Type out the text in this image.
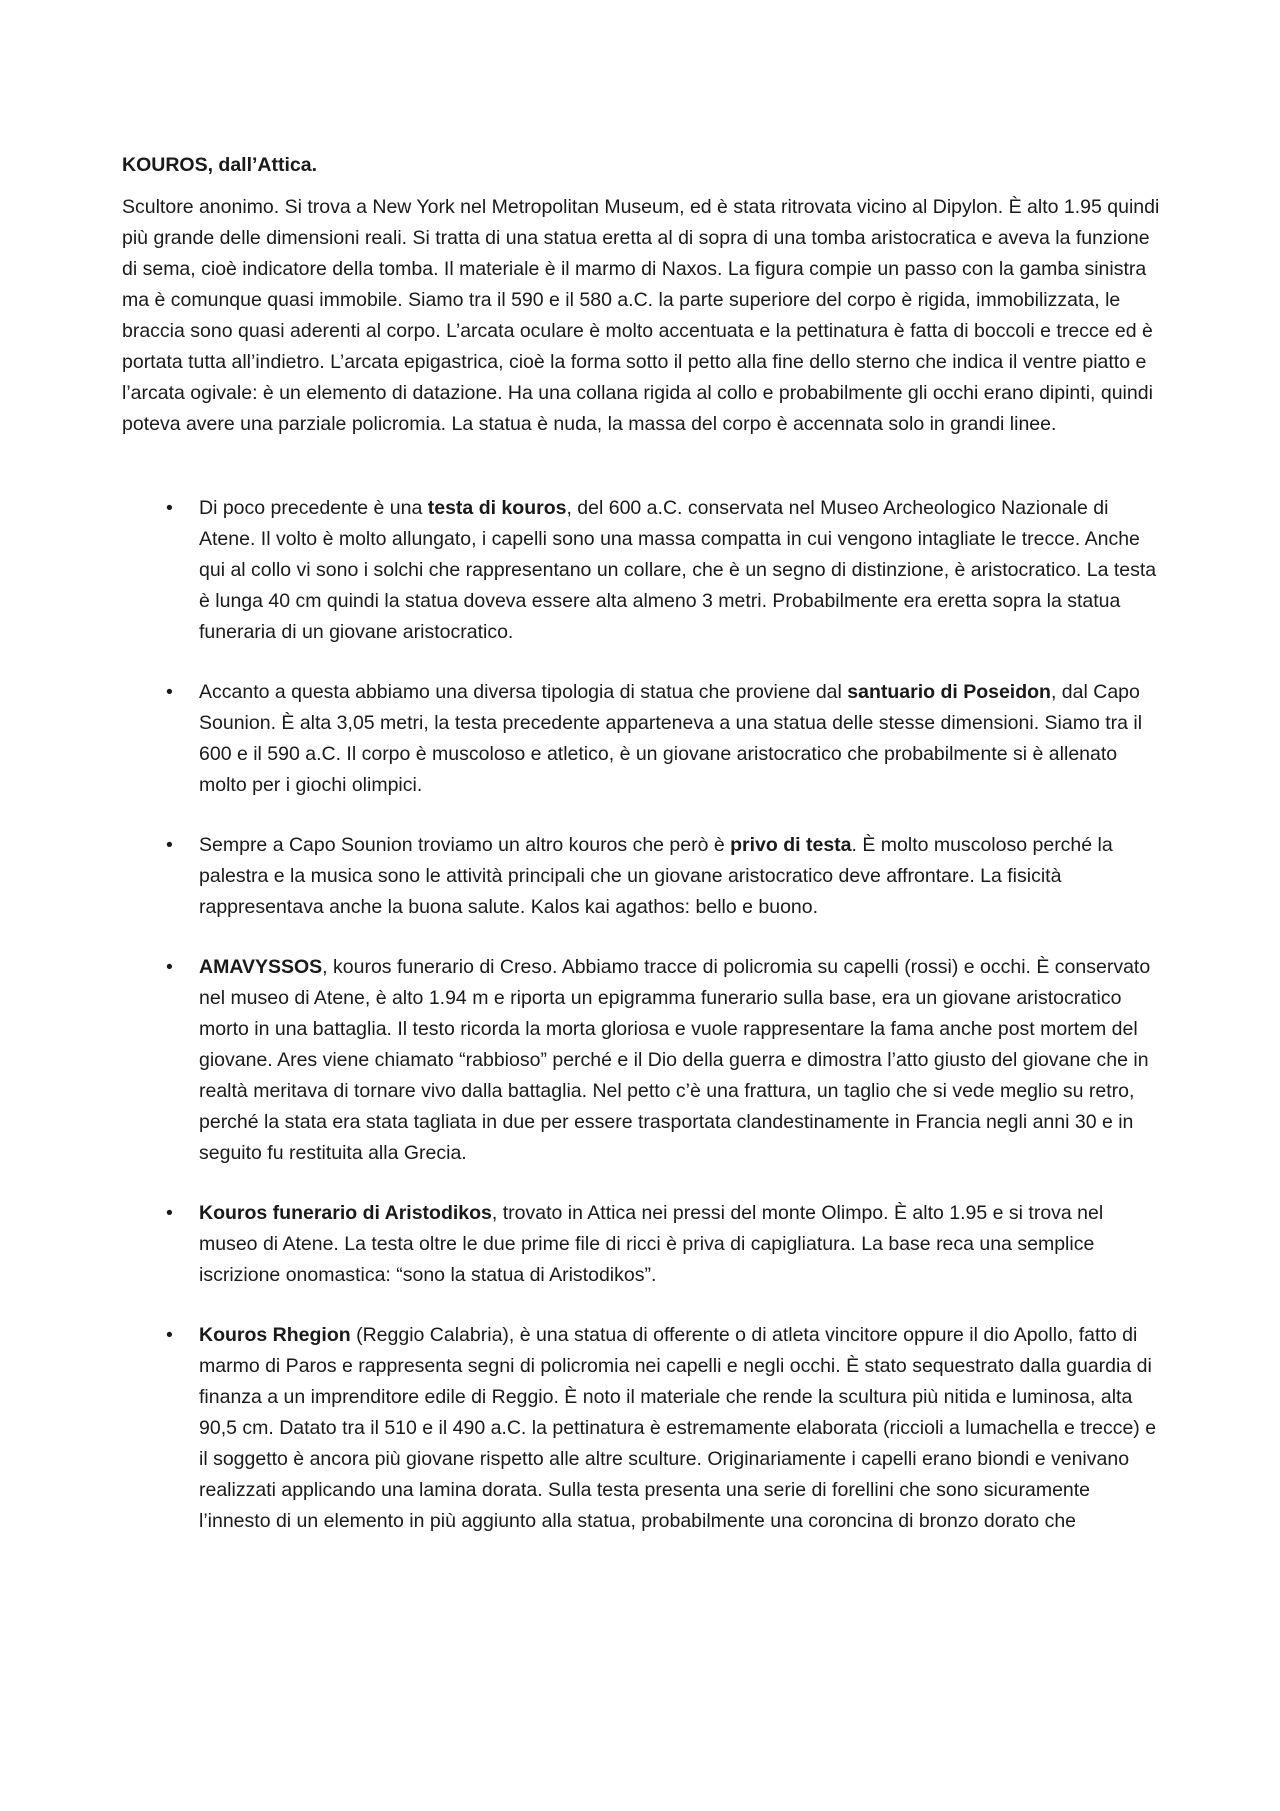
KOUROS, dall’Attica.

Scultore anonimo. Si trova a New York nel Metropolitan Museum, ed è stata ritrovata vicino al Dipylon. È alto 1.95 quindi più grande delle dimensioni reali. Si tratta di una statua eretta al di sopra di una tomba aristocratica e aveva la funzione di sema, cioè indicatore della tomba. Il materiale è il marmo di Naxos. La figura compie un passo con la gamba sinistra ma è comunque quasi immobile. Siamo tra il 590 e il 580 a.C. la parte superiore del corpo è rigida, immobilizzata, le braccia sono quasi aderenti al corpo. L’arcata oculare è molto accentuata e la pettinatura è fatta di boccoli e trecce ed è portata tutta all’indietro. L’arcata epigastrica, cioè la forma sotto il petto alla fine dello sterno che indica il ventre piatto e l’arcata ogivale: è un elemento di datazione. Ha una collana rigida al collo e probabilmente gli occhi erano dipinti, quindi poteva avere una parziale policromia. La statua è nuda, la massa del corpo è accennata solo in grandi linee.

• Di poco precedente è una testa di kouros, del 600 a.C. conservata nel Museo Archeologico Nazionale di Atene. Il volto è molto allungato, i capelli sono una massa compatta in cui vengono intagliate le trecce. Anche qui al collo vi sono i solchi che rappresentano un collare, che è un segno di distinzione, è aristocratico. La testa è lunga 40 cm quindi la statua doveva essere alta almeno 3 metri. Probabilmente era eretta sopra la statua funeraria di un giovane aristocratico.
• Accanto a questa abbiamo una diversa tipologia di statua che proviene dal santuario di Poseidon, dal Capo Sounion. È alta 3,05 metri, la testa precedente apparteneva a una statua delle stesse dimensioni. Siamo tra il 600 e il 590 a.C. Il corpo è muscoloso e atletico, è un giovane aristocratico che probabilmente si è allenato molto per i giochi olimpici.
• Sempre a Capo Sounion troviamo un altro kouros che però è privo di testa. È molto muscoloso perché la palestra e la musica sono le attività principali che un giovane aristocratico deve affrontare. La fisicità rappresentava anche la buona salute. Kalos kai agathos: bello e buono.
• AMAVYSSOS, kouros funerario di Creso. Abbiamo tracce di policromia su capelli (rossi) e occhi. È conservato nel museo di Atene, è alto 1.94 m e riporta un epigramma funerario sulla base, era un giovane aristocratico morto in una battaglia. Il testo ricorda la morta gloriosa e vuole rappresentare la fama anche post mortem del giovane. Ares viene chiamato “rabbioso” perché e il Dio della guerra e dimostra l’atto giusto del giovane che in realtà meritava di tornare vivo dalla battaglia. Nel petto c’è una frattura, un taglio che si vede meglio su retro, perché la stata era stata tagliata in due per essere trasportata clandestinamente in Francia negli anni 30 e in seguito fu restituita alla Grecia.
• Kouros funerario di Aristodikos, trovato in Attica nei pressi del monte Olimpo. È alto 1.95 e si trova nel museo di Atene. La testa oltre le due prime file di ricci è priva di capigliatura. La base reca una semplice iscrizione onomastica: “sono la statua di Aristodikos”.
• Kouros Rhegion (Reggio Calabria), è una statua di offerente o di atleta vincitore oppure il dio Apollo, fatto di marmo di Paros e rappresenta segni di policromia nei capelli e negli occhi. È stato sequestrato dalla guardia di finanza a un imprenditore edile di Reggio. È noto il materiale che rende la scultura più nitida e luminosa, alta 90,5 cm. Datato tra il 510 e il 490 a.C. la pettinatura è estremamente elaborata (riccioli a lumachella e trecce) e il soggetto è ancora più giovane rispetto alle altre sculture. Originariamente i capelli erano biondi e venivano realizzati applicando una lamina dorata. Sulla testa presenta una serie di forellini che sono sicuramente l’innesto di un elemento in più aggiunto alla statua, probabilmente una coroncina di bronzo dorato che
